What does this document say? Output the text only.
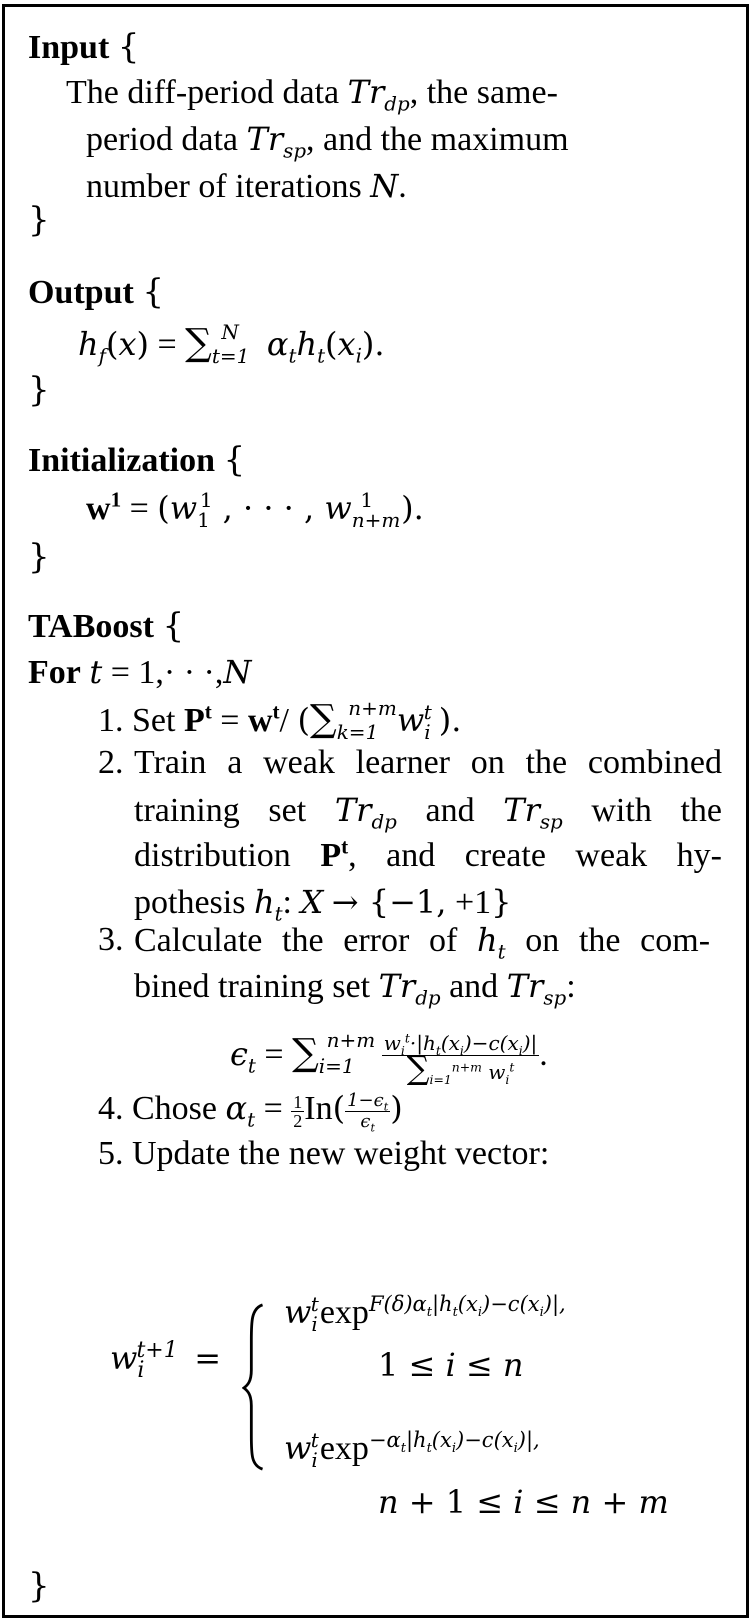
Input {
The diff-period data $Tr_{dp}$, the same-
period data $Tr_{sp}$, and the maximum
number of iterations N.
}
Output {
$h_f(x) = \sum_{t=1}^N$ $\alpha_th_t(x_i)$.
}
Initialization {
$w^1 = (w_1^1$ , · · · , $w_{n+m}^1$ ).
}
TABoost {
For t = 1,· · ·,N
1. Set $P^t = w^t/$ ($\sum_{k=1}^{n+m}w_i^t$ ).
2. Train a weak learner on the combined
training set $Tr_{dp}$ and $Tr_{sp}$ with the
distribution $P^t$, and create weak hy-
pothesis $h_t$: X → {−1, +1}
3. Calculate the error of $h_t$ on the com-
bined training set $Tr_{dp}$ and $Tr_{sp}$:
$\epsilon_t = \sum_{i=1}^{n+m} \frac{w_i^t\cdot|h_t(x_i)-c(x_i)|}{\sum_{i=1}^{n+m} w_i^t}$ .
4. Chose $\alpha_t = \frac{1}{2} In( \frac{1-\epsilon_t}{\epsilon_t}$ )
5. Update the new weight vector:
$w_i^{t+1}$ =
$w_i^t\exp^{F(\delta)\alpha_t|h_t(x_i)-c(x_i)|,}$
1 ≤ i ≤ n
$w_i^t\exp^{-\alpha_t|h_t(x_i)-c(x_i)|,}$
n + 1 ≤ i ≤ n + m
}
